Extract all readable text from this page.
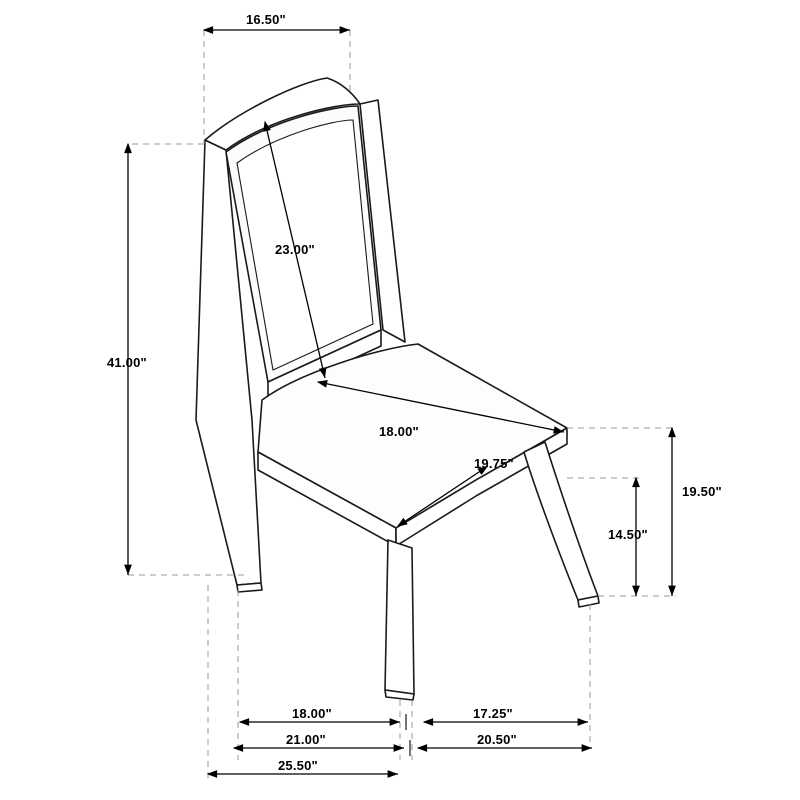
16.50"
23.00"
41.00"
18.00"
19.75"
19.50"
14.50"
18.00"	17.25"
21.00"	20.50"
25.50"
